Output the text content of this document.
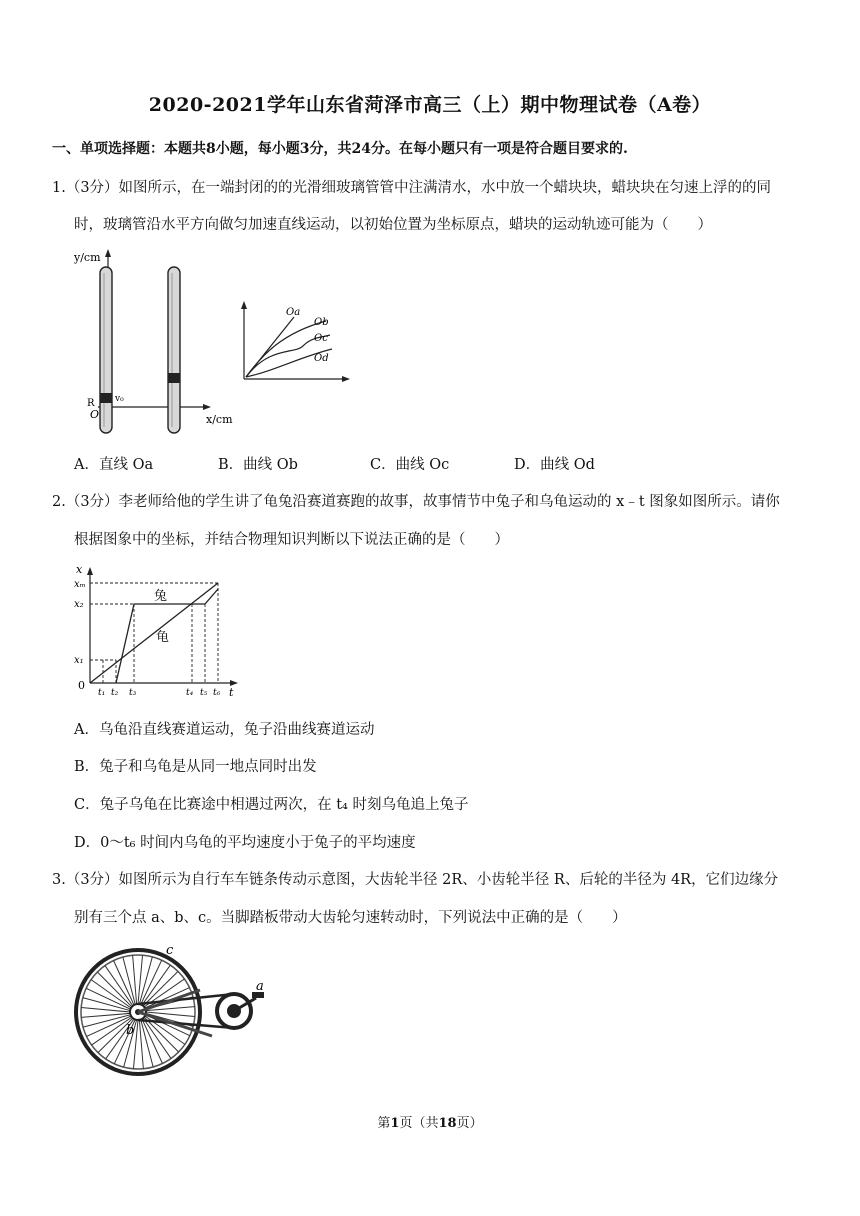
2020-2021学年山东省菏泽市高三（上）期中物理试卷（A卷）
一、单项选择题：本题共8小题，每小题3分，共24分。在每小题只有一项是符合题目要求的.
1.（3分）如图所示，在一端封闭的的光滑细玻璃管管中注满清水，水中放一个蜡块块，蜡块块在匀速上浮的的同
时，玻璃管沿水平方向做匀加速直线运动，以初始位置为坐标原点，蜡块的运动轨迹可能为（　　）
y/cm
x/cm
R v₀
O
Oa
Ob
Oc
Od
A．直线 Oa	B．曲线 Ob	C．曲线 Oc	D．曲线 Od
2.（3分）李老师给他的学生讲了龟兔沿赛道赛跑的故事，故事情节中兔子和乌龟运动的 x﹣t 图象如图所示。请你
根据图象中的坐标，并结合物理知识判断以下说法正确的是（　　）
x
t
0
xₘ
x₂
x₁
兔
龟
t₁ t₂ t₃	t₄ t₅ t₆
A．乌龟沿直线赛道运动，兔子沿曲线赛道运动
B．兔子和乌龟是从同一地点同时出发
C．兔子乌龟在比赛途中相遇过两次，在 t₄ 时刻乌龟追上兔子
D．0～t₆ 时间内乌龟的平均速度小于兔子的平均速度
3.（3分）如图所示为自行车车链条传动示意图，大齿轮半径 2R、小齿轮半径 R、后轮的半径为 4R，它们边缘分
别有三个点 a、b、c。当脚踏板带动大齿轮匀速转动时，下列说法中正确的是（　　）
a
b
c
第1页（共18页）
